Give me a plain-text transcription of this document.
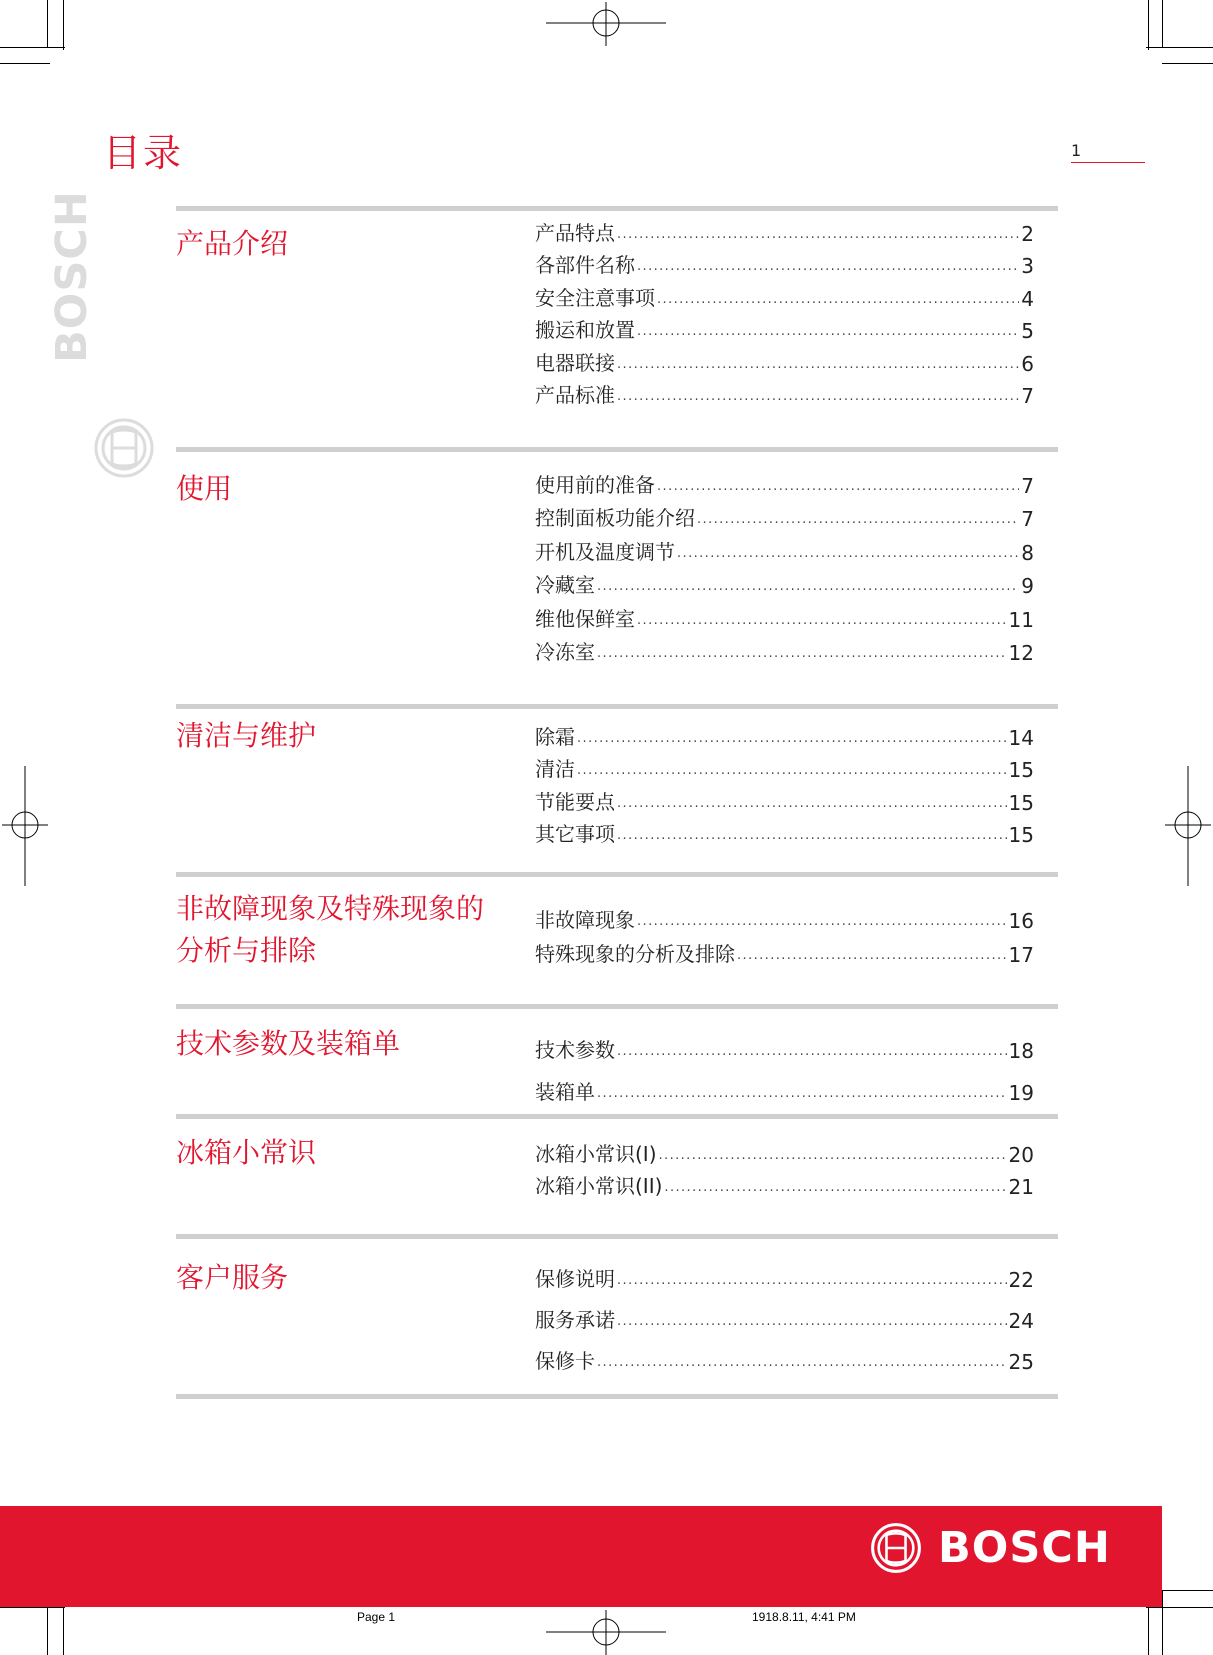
目录	1
BOSCH	产品介绍	产品特点 .....	2
各部件名称 .....	3
安全注意事项 .....	4
搬运和放置 .....	5
电器联接 .....	6
产品标准 .....	7
使用	使用前的准备 .....	7
控制面板功能介绍 .....	7
开机及温度调节 .....	8
冷藏室 .....	9
维他保鲜室 .....	11
冷冻室 .....	12
清洁与维护	除霜 .....	14
清洁 .....	15
节能要点 .....	15
其它事项 .....	15
非故障现象及特殊现象的
分析与排除
非故障现象 .....	16
特殊现象的分析及排除 .....	17
技术参数及装箱单	技术参数 .....	18
装箱单 .....	19
冰箱小常识	冰箱小常识(I) .....	20
冰箱小常识(II) .....	21
客户服务	保修说明 .....	22
服务承诺 .....	24
保修卡 .....	25
BOSCH
Page 1	1918.8.11, 4:41 PM
